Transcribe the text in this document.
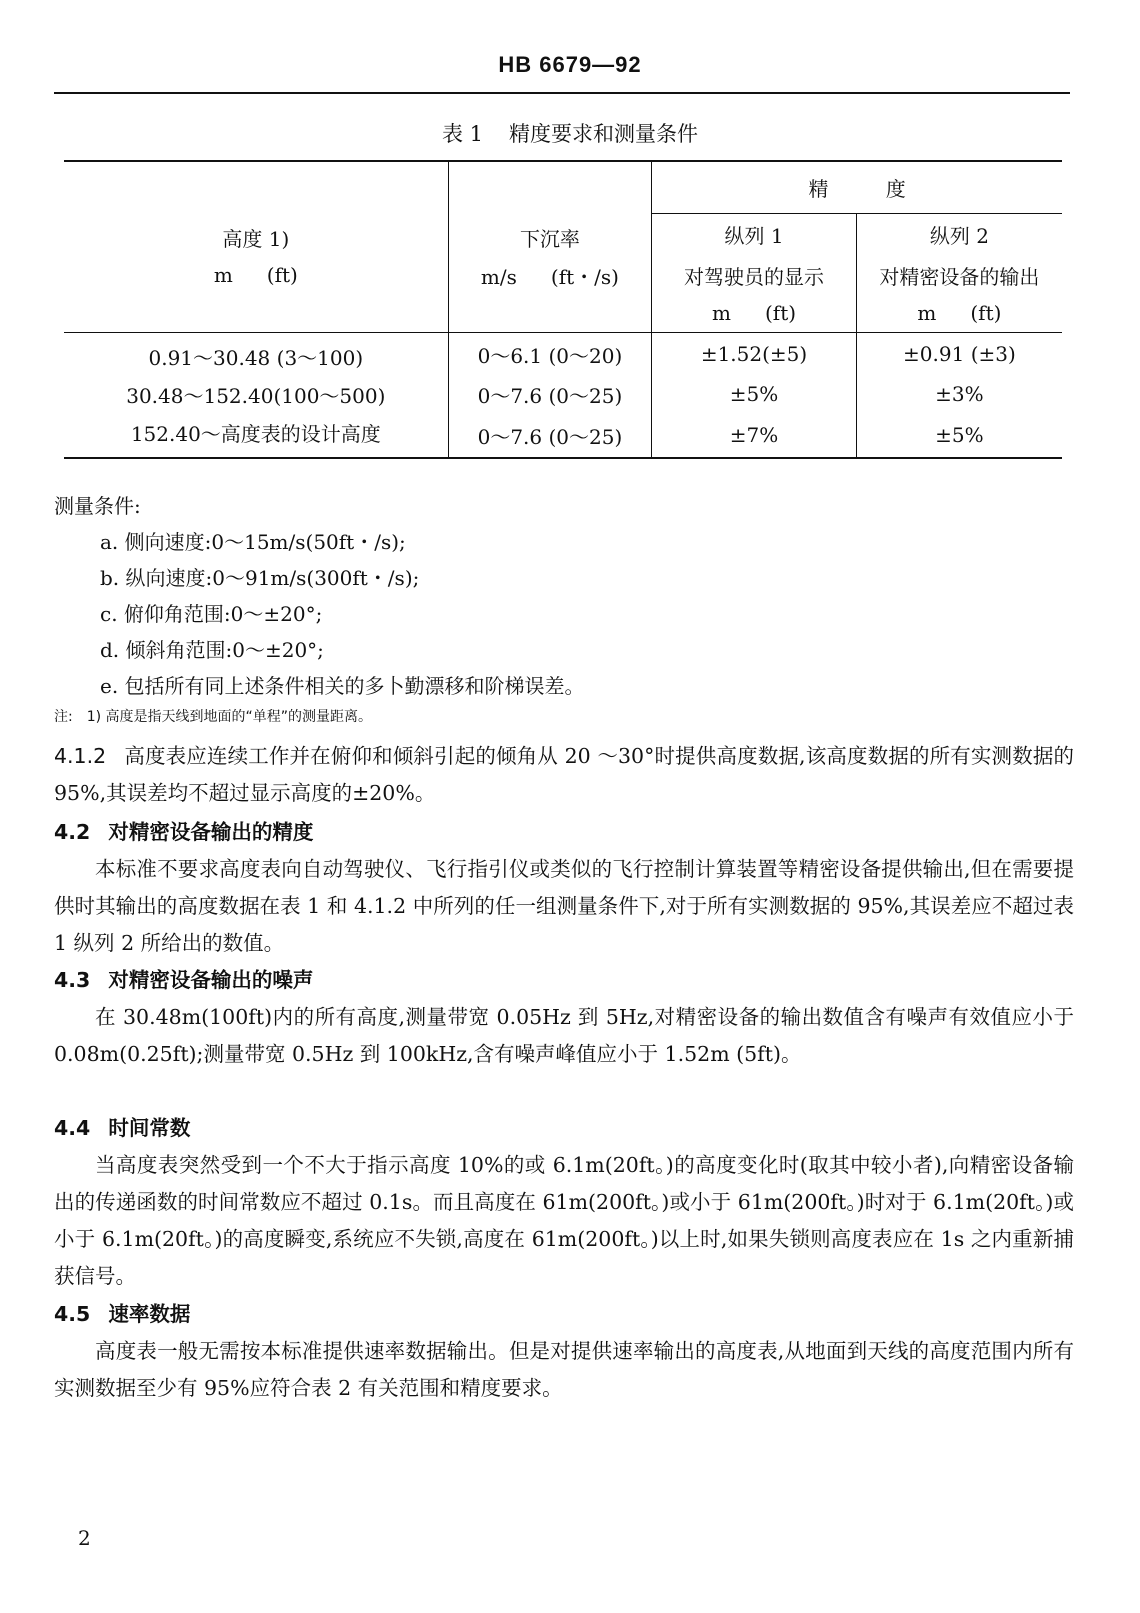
HB 6679—92
表 1 精度要求和测量条件
高度 1)	下沉率	精         度	
		纵列 1	纵列 2
m (ft)	m/s (ft・/s)	对驾驶员的显示	对精密设备的输出
		m (ft)	m (ft)
0.91～30.48 (3～100)	0～6.1 (0～20)	±1.52(±5)	±0.91 (±3)
30.48～152.40(100～500)	0～7.6 (0～25)	±5%	±3%
152.40～高度表的设计高度	0～7.6 (0～25)	±7%	±5%
测量条件:
a. 侧向速度:0～15m/s(50ft・/s);
b. 纵向速度:0～91m/s(300ft・/s);
c. 俯仰角范围:0～±20°;
d. 倾斜角范围:0～±20°;
e. 包括所有同上述条件相关的多卜勤漂移和阶梯误差。
注: 1) 高度是指天线到地面的“单程”的测量距离。

4.1.2 高度表应连续工作并在俯仰和倾斜引起的倾角从 20 ～30°时提供高度数据,该高度数据的所有实测数据的 95%,其误差均不超过显示高度的±20%。

4.2 对精密设备输出的精度

本标准不要求高度表向自动驾驶仪、飞行指引仪或类似的飞行控制计算装置等精密设备提供输出,但在需要提供时其输出的高度数据在表 1 和 4.1.2 中所列的任一组测量条件下,对于所有实测数据的 95%,其误差应不超过表 1 纵列 2 所给出的数值。

4.3 对精密设备输出的噪声

在 30.48m(100ft)内的所有高度,测量带宽 0.05Hz 到 5Hz,对精密设备的输出数值含有噪声有效值应小于 0.08m(0.25ft);测量带宽 0.5Hz 到 100kHz,含有噪声峰值应小于 1.52m (5ft)。

4.4 时间常数

当高度表突然受到一个不大于指示高度 10%的或 6.1m(20ft。)的高度变化时(取其中较小者),向精密设备输出的传递函数的时间常数应不超过 0.1s。而且高度在 61m(200ft。)或小于 61m(200ft。)时对于 6.1m(20ft。)或小于 6.1m(20ft。)的高度瞬变,系统应不失锁,高度在 61m(200ft。)以上时,如果失锁则高度表应在 1s 之内重新捕获信号。

4.5 速率数据

高度表一般无需按本标准提供速率数据输出。但是对提供速率输出的高度表,从地面到天线的高度范围内所有实测数据至少有 95%应符合表 2 有关范围和精度要求。

2
